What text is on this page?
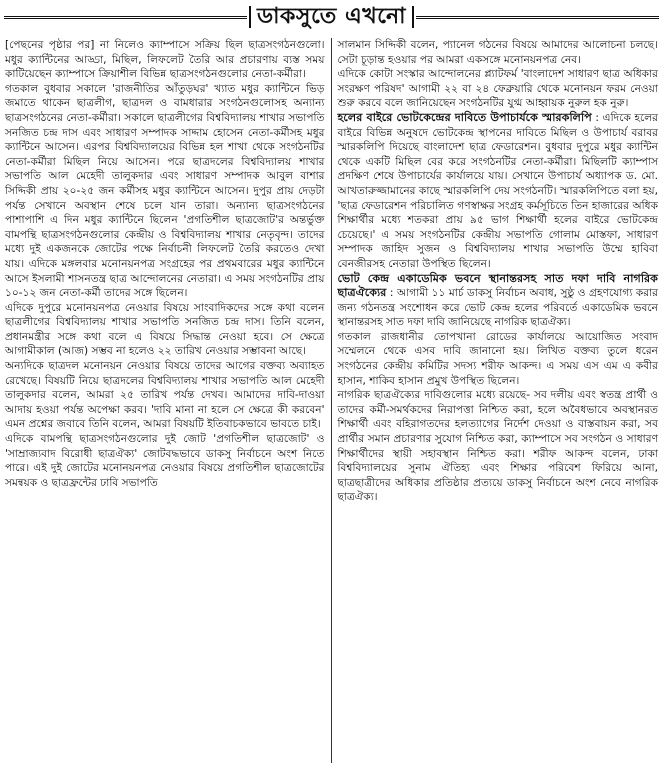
ডাকসুতে এখনো

[পেছনের পৃষ্ঠার পর] না নিলেও ক্যাম্পাসে সক্রিয় ছিল ছাত্রসংগঠনগুলো। মধুর ক্যান্টিনের আড্ডা, মিছিল, লিফলেট তৈরি আর প্রচারণায় ব্যস্ত সময় কাটিয়েছেন ক্যাম্পাসে ক্রিয়াশীল বিভিন্ন ছাত্রসংগঠনগুলোর নেতা-কর্মীরা।

গতকাল বুধবার সকালে 'রাজনীতির আঁতুড়ঘর' খ্যাত মধুর ক্যান্টিনে ভিড় জমাতে থাকেন ছাত্রলীগ, ছাত্রদল ও বামধারার সংগঠনগুলোসহ অন্যান্য ছাত্রসংগঠনের নেতা-কর্মীরা। সকালে ছাত্রলীগের বিশ্ববিদ্যালয় শাখার সভাপতি সনজিত চন্দ্র দাস এবং সাধারণ সম্পাদক সাদ্দাম হোসেন নেতা-কর্মীসহ মধুর ক্যান্টিনে আসেন। এরপর বিশ্ববিদ্যালয়ের বিভিন্ন হল শাখা থেকে সংগঠনটির নেতা-কর্মীরা মিছিল নিয়ে আসেন। পরে ছাত্রদলের বিশ্ববিদ্যালয় শাখার সভাপতি আল মেহেদী তালুকদার এবং সাধারণ সম্পাদক আবুল বাশার সিদ্দিকী প্রায় ২০-২৫ জন কর্মীসহ মধুর ক্যান্টিনে আসেন। দুপুর প্রায় দেড়টা পর্যন্ত সেখানে অবস্থান শেষে চলে যান তারা। অন্যান্য ছাত্রসংগঠনের পাশাপাশি এ দিন মধুর ক্যান্টিনে ছিলেন 'প্রগতিশীল ছাত্রজোট'র অন্তর্ভুক্ত বামপন্থি ছাত্রসংগঠনগুলোর কেন্দ্রীয় ও বিশ্ববিদ্যালয় শাখার নেতৃবৃন্দ। তাদের মধ্যে দুই একজনকে জোটের পক্ষে নির্বাচনী লিফলেট তৈরি করতেও দেখা যায়। এদিকে মঙ্গলবার মনোনয়নপত্র সংগ্রহের পর প্রথমবারের মধুর ক্যান্টিনে আসে ইসলামী শাসনতন্ত্র ছাত্র আন্দোলনের নেতারা। এ সময় সংগঠনটির প্রায় ১০-১২ জন নেতা-কর্মী তাদের সঙ্গে ছিলেন।

এদিকে দুপুরে মনোনয়নপত্র নেওয়ার বিষয়ে সাংবাদিকদের সঙ্গে কথা বলেন ছাত্রলীগের বিশ্ববিদ্যালয় শাখার সভাপতি সনজিত চন্দ্র দাস। তিনি বলেন, প্রধানমন্ত্রীর সঙ্গে কথা বলে এ বিষয়ে সিদ্ধান্ত নেওয়া হবে। সে ক্ষেত্রে আগামীকাল (আজ) সম্ভব না হলেও ২২ তারিখ নেওয়ার সম্ভাবনা আছে।

অন্যদিকে ছাত্রদল মনোনয়ন নেওয়ার বিষয়ে তাদের আগের বক্তব্য অব্যাহত রেখেছে। বিষয়টি নিয়ে ছাত্রদলের বিশ্ববিদ্যালয় শাখার সভাপতি আল মেহেদী তালুকদার বলেন, আমরা ২৫ তারিখ পর্যন্ত দেখব। আমাদের দাবি-দাওয়া আদায় হওয়া পর্যন্ত অপেক্ষা করব। 'দাবি মানা না হলে সে ক্ষেত্রে কী করবেন' এমন প্রশ্নের জবাবে তিনি বলেন, আমরা বিষয়টি ইতিবাচকভাবে ভাবতে চাই।

এদিকে বামপন্থি ছাত্রসংগঠনগুলোর দুই জোট 'প্রগতিশীল ছাত্রজোট' ও 'সাম্রাজ্যবাদ বিরোধী ছাত্রঐক্য' জোটবদ্ধভাবে ডাকসু নির্বাচনে অংশ নিতে পারে। এই দুই জোটের মনোনয়নপত্র নেওয়ার বিষয়ে প্রগতিশীল ছাত্রজোটের সমন্বয়ক ও ছাত্রফ্রন্টের ঢাবি সভাপতি

সালমান সিদ্দিকী বলেন, প্যানেল গঠনের বিষয়ে আমাদের আলোচনা চলছে। সেটা চূড়ান্ত হওয়ার পর আমরা একসঙ্গে মনোনয়নপত্র নেব।

এদিকে কোটা সংস্কার আন্দোলনের প্ল্যাটফর্ম 'বাংলাদেশ সাধারণ ছাত্র অধিকার সংরক্ষণ পরিষদ' আগামী ২২ বা ২৪ ফেব্রুয়ারি থেকে মনোনয়ন ফরম নেওয়া শুরু করবে বলে জানিয়েছেন সংগঠনটির যুগ্ম আহ্বায়ক নুরুল হক নুরু।

হলের বাইরে ভোটকেন্দ্রের দাবিতে উপাচার্যকে স্মারকলিপি : এদিকে হলের বাইরে বিভিন্ন অনুষদে ভোটকেন্দ্র স্থাপনের দাবিতে মিছিল ও উপাচার্য বরাবর স্মারকলিপি দিয়েছে বাংলাদেশ ছাত্র ফেডারেশন। বুধবার দুপুরে মধুর ক্যান্টিন থেকে একটি মিছিল বের করে সংগঠনটির নেতা-কর্মীরা। মিছিলটি ক্যাম্পাস প্রদক্ষিণ শেষে উপাচার্যের কার্যালয়ে যায়। সেখানে উপাচার্য অধ্যাপক ড. মো. আখতারুজ্জামানের কাছে স্মারকলিপি দেয় সংগঠনটি। স্মারকলিপিতে বলা হয়, 'ছাত্র ফেডারেশন পরিচালিত গণস্বাক্ষর সংগ্রহ কর্মসূচিতে তিন হাজারের অধিক শিক্ষার্থীর মধ্যে শতকরা প্রায় ৯৫ ভাগ শিক্ষার্থী হলের বাইরে ভোটকেন্দ্র চেয়েছে।' এ সময় সংগঠনটির কেন্দ্রীয় সভাপতি গোলাম মোস্তফা, সাধারণ সম্পাদক জাহিদ সুজন ও বিশ্ববিদ্যালয় শাখার সভাপতি উম্মে হাবিবা বেনজীরসহ নেতারা উপস্থিত ছিলেন।

ভোট কেন্দ্র একাডেমিক ভবনে স্থানান্তরসহ সাত দফা দাবি নাগরিক ছাত্রঐক্যের : আগামী ১১ মার্চ ডাকসু নির্বাচন অবাধ, সুষ্ঠু ও গ্রহণযোগ্য করার জন্য গঠনতন্ত্র সংশোধন করে ভোট কেন্দ্র হলের পরিবর্তে একাডেমিক ভবনে স্থানান্তরসহ সাত দফা দাবি জানিয়েছে নাগরিক ছাত্রঐক্য।

গতকাল রাজধানীর তোপখানা রোডের কার্যালয়ে আয়োজিত সংবাদ সম্মেলনে থেকে এসব দাবি জানানো হয়। লিখিত বক্তব্য তুলে ধরেন সংগঠনের কেন্দ্রীয় কমিটির সদস্য শরীফ আকন্দ। এ সময় এস এম এ কবীর হাসান, শাকিব হাসান প্রমুখ উপস্থিত ছিলেন।

নাগরিক ছাত্রঐক্যের দাবিগুলোর মধ্যে রয়েছে- সব দলীয় এবং স্বতন্ত্র প্রার্থী ও তাদের কর্মী-সমর্থকদের নিরাপত্তা নিশ্চিত করা, হলে অবৈধভাবে অবস্থানরত শিক্ষার্থী এবং বহিরাগতদের হলত্যাগের নির্দেশ দেওয়া ও বাস্তবায়ন করা, সব প্রার্থীর সমান প্রচারণার সুযোগ নিশ্চিত করা, ক্যাম্পাসে সব সংগঠন ও সাধারণ শিক্ষার্থীদের স্থায়ী সহাবস্থান নিশ্চিত করা। শরীফ আকন্দ বলেন, ঢাকা বিশ্ববিদ্যালয়ের সুনাম ঐতিহ্য এবং শিক্ষার পরিবেশ ফিরিয়ে আনা, ছাত্রছাত্রীদের অধিকার প্রতিষ্ঠার প্রত্যয়ে ডাকসু নির্বাচনে অংশ নেবে নাগরিক ছাত্রঐক্য।
